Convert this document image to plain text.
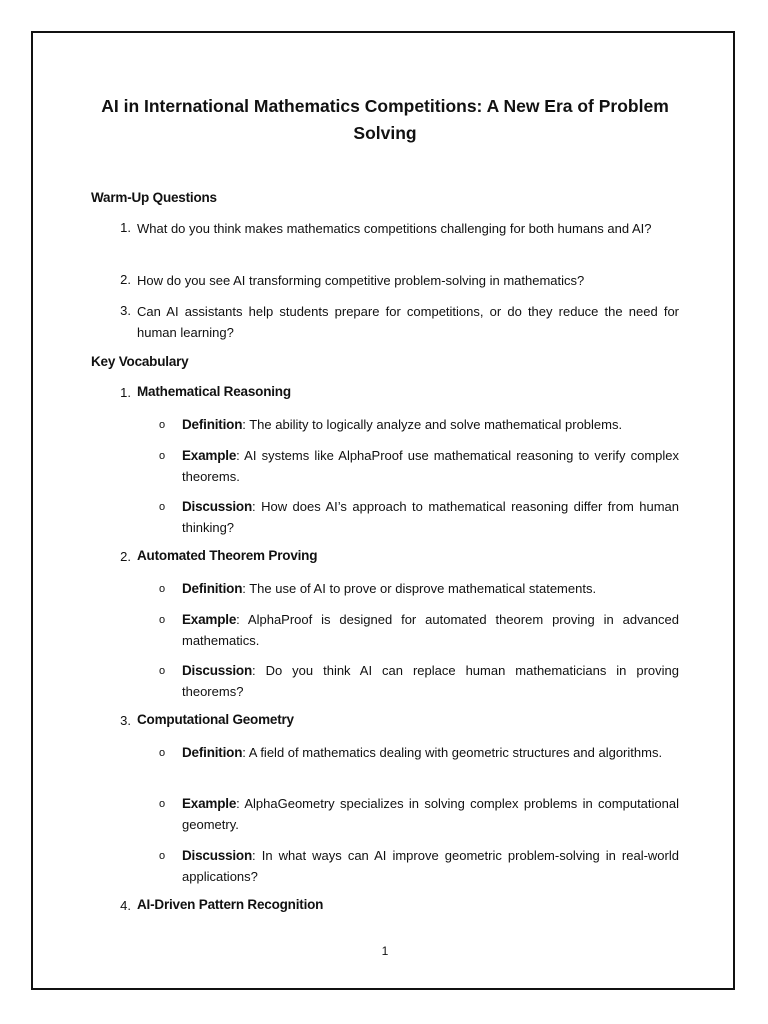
AI in International Mathematics Competitions: A New Era of Problem Solving
Warm-Up Questions
1. What do you think makes mathematics competitions challenging for both humans and AI?
2. How do you see AI transforming competitive problem-solving in mathematics?
3. Can AI assistants help students prepare for competitions, or do they reduce the need for human learning?
Key Vocabulary
1. Mathematical Reasoning
o Definition: The ability to logically analyze and solve mathematical problems.
o Example: AI systems like AlphaProof use mathematical reasoning to verify complex theorems.
o Discussion: How does AI’s approach to mathematical reasoning differ from human thinking?
2. Automated Theorem Proving
o Definition: The use of AI to prove or disprove mathematical statements.
o Example: AlphaProof is designed for automated theorem proving in advanced mathematics.
o Discussion: Do you think AI can replace human mathematicians in proving theorems?
3. Computational Geometry
o Definition: A field of mathematics dealing with geometric structures and algorithms.
o Example: AlphaGeometry specializes in solving complex problems in computational geometry.
o Discussion: In what ways can AI improve geometric problem-solving in real-world applications?
4. AI-Driven Pattern Recognition
1
